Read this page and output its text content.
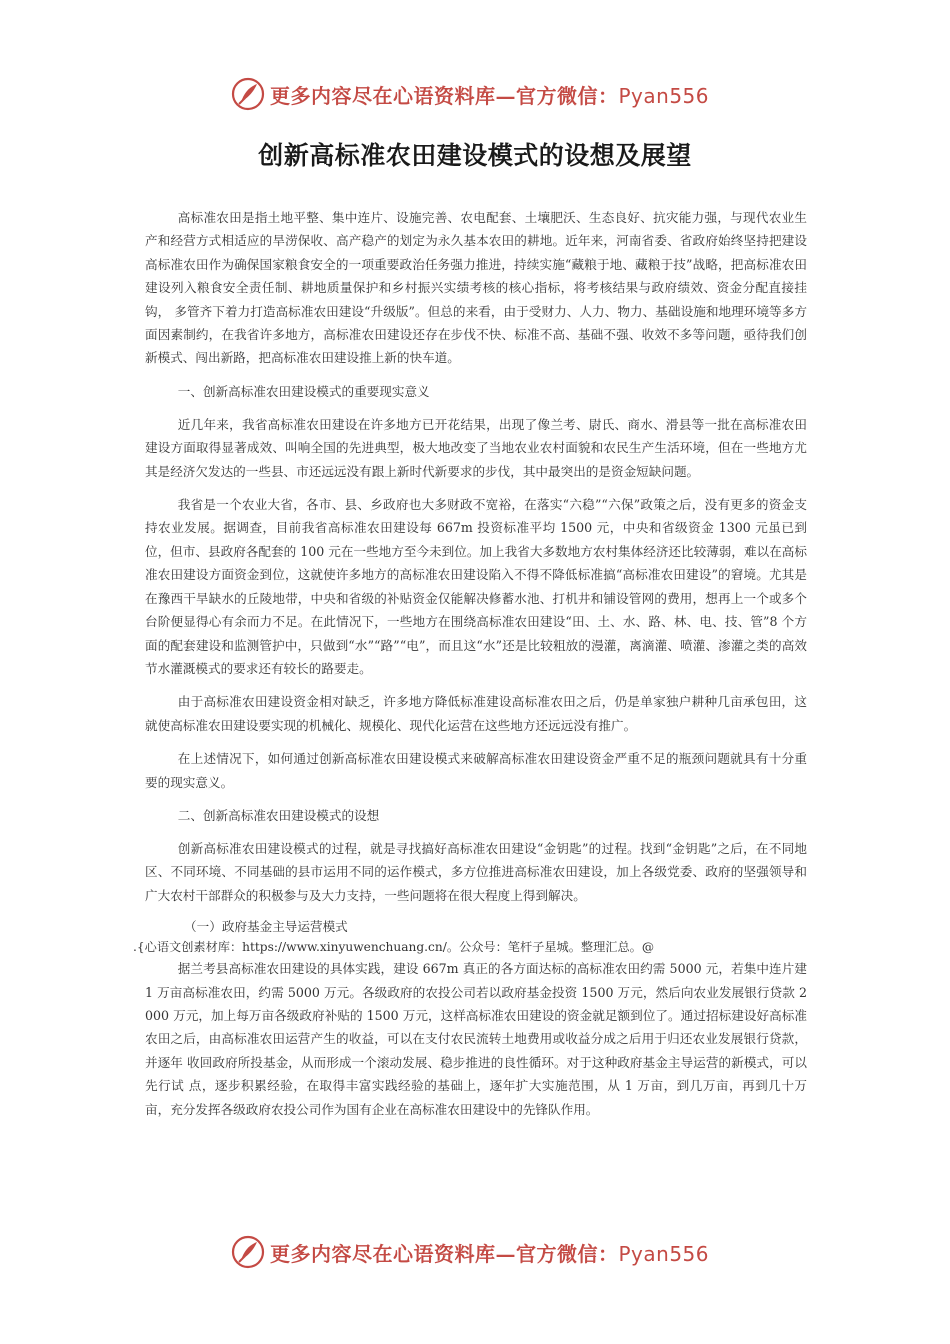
更多内容尽在心语资料库—官方微信：Pyan556
创新高标准农田建设模式的设想及展望

高标准农田是指土地平整、集中连片、设施完善、农电配套、土壤肥沃、生态良好、抗灾能力强，与现代农业生产和经营方式相适应的旱涝保收、高产稳产的划定为永久基本农田的耕地。近年来，河南省委、省政府始终坚持把建设高标准农田作为确保国家粮食安全的一项重要政治任务强力推进，持续实施“藏粮于地、藏粮于技”战略，把高标准农田建设列入粮食安全责任制、耕地质量保护和乡村振兴实绩考核的核心指标，将考核结果与政府绩效、资金分配直接挂钩， 多管齐下着力打造高标准农田建设“升级版”。但总的来看，由于受财力、人力、物力、基础设施和地理环境等多方面因素制约，在我省许多地方，高标准农田建设还存在步伐不快、标准不高、基础不强、收效不多等问题，亟待我们创新模式、闯出新路，把高标准农田建设推上新的快车道。

一、创新高标准农田建设模式的重要现实意义

近几年来，我省高标准农田建设在许多地方已开花结果，出现了像兰考、尉氏、商水、滑县等一批在高标准农田建设方面取得显著成效、叫响全国的先进典型，极大地改变了当地农业农村面貌和农民生产生活环境，但在一些地方尤 其是经济欠发达的一些县、市还远远没有跟上新时代新要求的步伐，其中最突出的是资金短缺问题。

我省是一个农业大省，各市、县、乡政府也大多财政不宽裕，在落实“六稳”“六保”政策之后，没有更多的资金支持农业发展。据调查，目前我省高标准农田建设每 667m 投资标准平均 1500 元，中央和省级资金 1300 元虽已到位，但市、县政府各配套的 100 元在一些地方至今未到位。加上我省大多数地方农村集体经济还比较薄弱，难以在高标准农田建设方面资金到位，这就使许多地方的高标准农田建设陷入不得不降低标准搞“高标准农田建设”的窘境。尤其是在豫西干旱缺水的丘陵地带，中央和省级的补贴资金仅能解决修蓄水池、打机井和铺设管网的费用，想再上一个或多个台阶便显得心有余而力不足。在此情况下，一些地方在围绕高标准农田建设“田、土、水、路、林、电、技、管”8 个方面的配套建设和监测管护中，只做到“水”“路”“电”，而且这“水”还是比较粗放的漫灌，离滴灌、喷灌、渗灌之类的高效节水灌溉模式的要求还有较长的路要走。

由于高标准农田建设资金相对缺乏，许多地方降低标准建设高标准农田之后，仍是单家独户耕种几亩承包田，这就使高标准农田建设要实现的机械化、规模化、现代化运营在这些地方还远远没有推广。

在上述情况下，如何通过创新高标准农田建设模式来破解高标准农田建设资金严重不足的瓶颈问题就具有十分重要的现实意义。

二、创新高标准农田建设模式的设想

创新高标准农田建设模式的过程，就是寻找搞好高标准农田建设“金钥匙”的过程。找到“金钥匙”之后，在不同地区、不同环境、不同基础的县市运用不同的运作模式，多方位推进高标准农田建设，加上各级党委、政府的坚强领导和广大农村干部群众的积极参与及大力支持，一些问题将在很大程度上得到解决。

（一）政府基金主导运营模式

.{心语文创素材库：https://www.xinyuwenchuang.cn/。公众号：笔杆子星城。整理汇总。@

据兰考县高标准农田建设的具体实践，建设 667m 真正的各方面达标的高标准农田约需 5000 元，若集中连片建 1 万亩高标准农田，约需 5000 万元。各级政府的农投公司若以政府基金投资 1500 万元，然后向农业发展银行贷款 2000 万元，加上每万亩各级政府补贴的 1500 万元，这样高标准农田建设的资金就足额到位了。通过招标建设好高标准农田之后，由高标准农田运营产生的收益，可以在支付农民流转土地费用或收益分成之后用于归还农业发展银行贷款，并逐年 收回政府所投基金，从而形成一个滚动发展、稳步推进的良性循环。对于这种政府基金主导运营的新模式，可以先行试 点，逐步积累经验，在取得丰富实践经验的基础上，逐年扩大实施范围，从 1 万亩，到几万亩，再到几十万亩，充分发挥各级政府农投公司作为国有企业在高标准农田建设中的先锋队作用。

更多内容尽在心语资料库—官方微信：Pyan556
